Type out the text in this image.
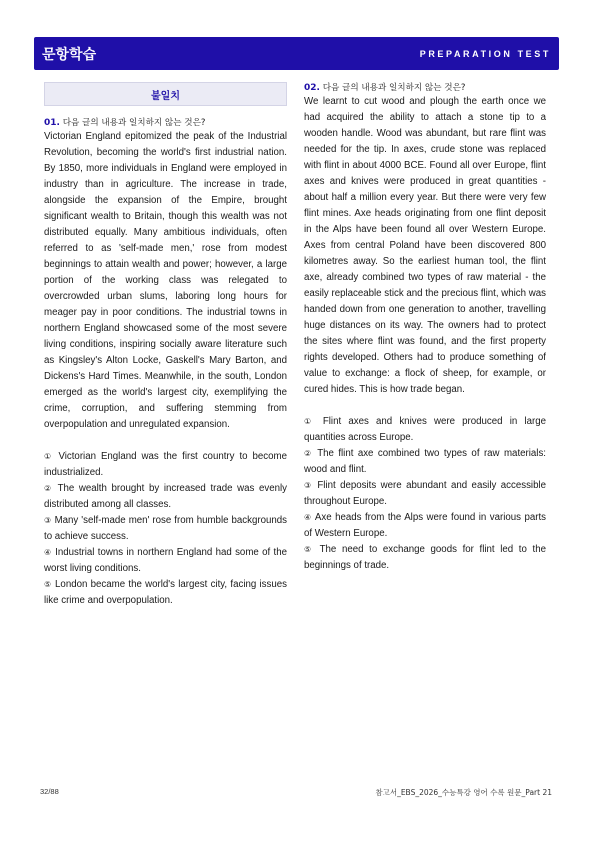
문항학습	PREPARATION TEST
불일치
01. 다음 글의 내용과 일치하지 않는 것은?

Victorian England epitomized the peak of the Industrial Revolution, becoming the world's first industrial nation. By 1850, more individuals in England were employed in industry than in agriculture. The increase in trade, alongside the expansion of the Empire, brought significant wealth to Britain, though this wealth was not distributed equally. Many ambitious individuals, often referred to as 'self-made men,' rose from modest beginnings to attain wealth and power; however, a large portion of the working class was relegated to overcrowded urban slums, laboring long hours for meager pay in poor conditions. The industrial towns in northern England showcased some of the most severe living conditions, inspiring socially aware literature such as Kingsley's Alton Locke, Gaskell's Mary Barton, and Dickens's Hard Times. Meanwhile, in the south, London emerged as the world's largest city, exemplifying the crime, corruption, and suffering stemming from overpopulation and unregulated expansion.

① Victorian England was the first country to become industrialized.

② The wealth brought by increased trade was evenly distributed among all classes.

③ Many 'self-made men' rose from humble backgrounds to achieve success.

④ Industrial towns in northern England had some of the worst living conditions.

⑤ London became the world's largest city, facing issues like crime and overpopulation.

02. 다음 글의 내용과 일치하지 않는 것은?

We learnt to cut wood and plough the earth once we had acquired the ability to attach a stone tip to a wooden handle. Wood was abundant, but rare flint was needed for the tip. In axes, crude stone was replaced with flint in about 4000 BCE. Found all over Europe, flint axes and knives were produced in great quantities - about half a million every year. But there were very few flint mines. Axe heads originating from one flint deposit in the Alps have been found all over Western Europe. Axes from central Poland have been discovered 800 kilometres away. So the earliest human tool, the flint axe, already combined two types of raw material - the easily replaceable stick and the precious flint, which was handed down from one generation to another, travelling huge distances on its way. The owners had to protect the sites where flint was found, and the first property rights developed. Others had to produce something of value to exchange: a flock of sheep, for example, or cured hides. This is how trade began.

① Flint axes and knives were produced in large quantities across Europe.

② The flint axe combined two types of raw materials: wood and flint.

③ Flint deposits were abundant and easily accessible throughout Europe.

④ Axe heads from the Alps were found in various parts of Western Europe.

⑤ The need to exchange goods for flint led to the beginnings of trade.

32/88	참고서_EBS_2026_수능특강 영어 수록 원문_Part 21
